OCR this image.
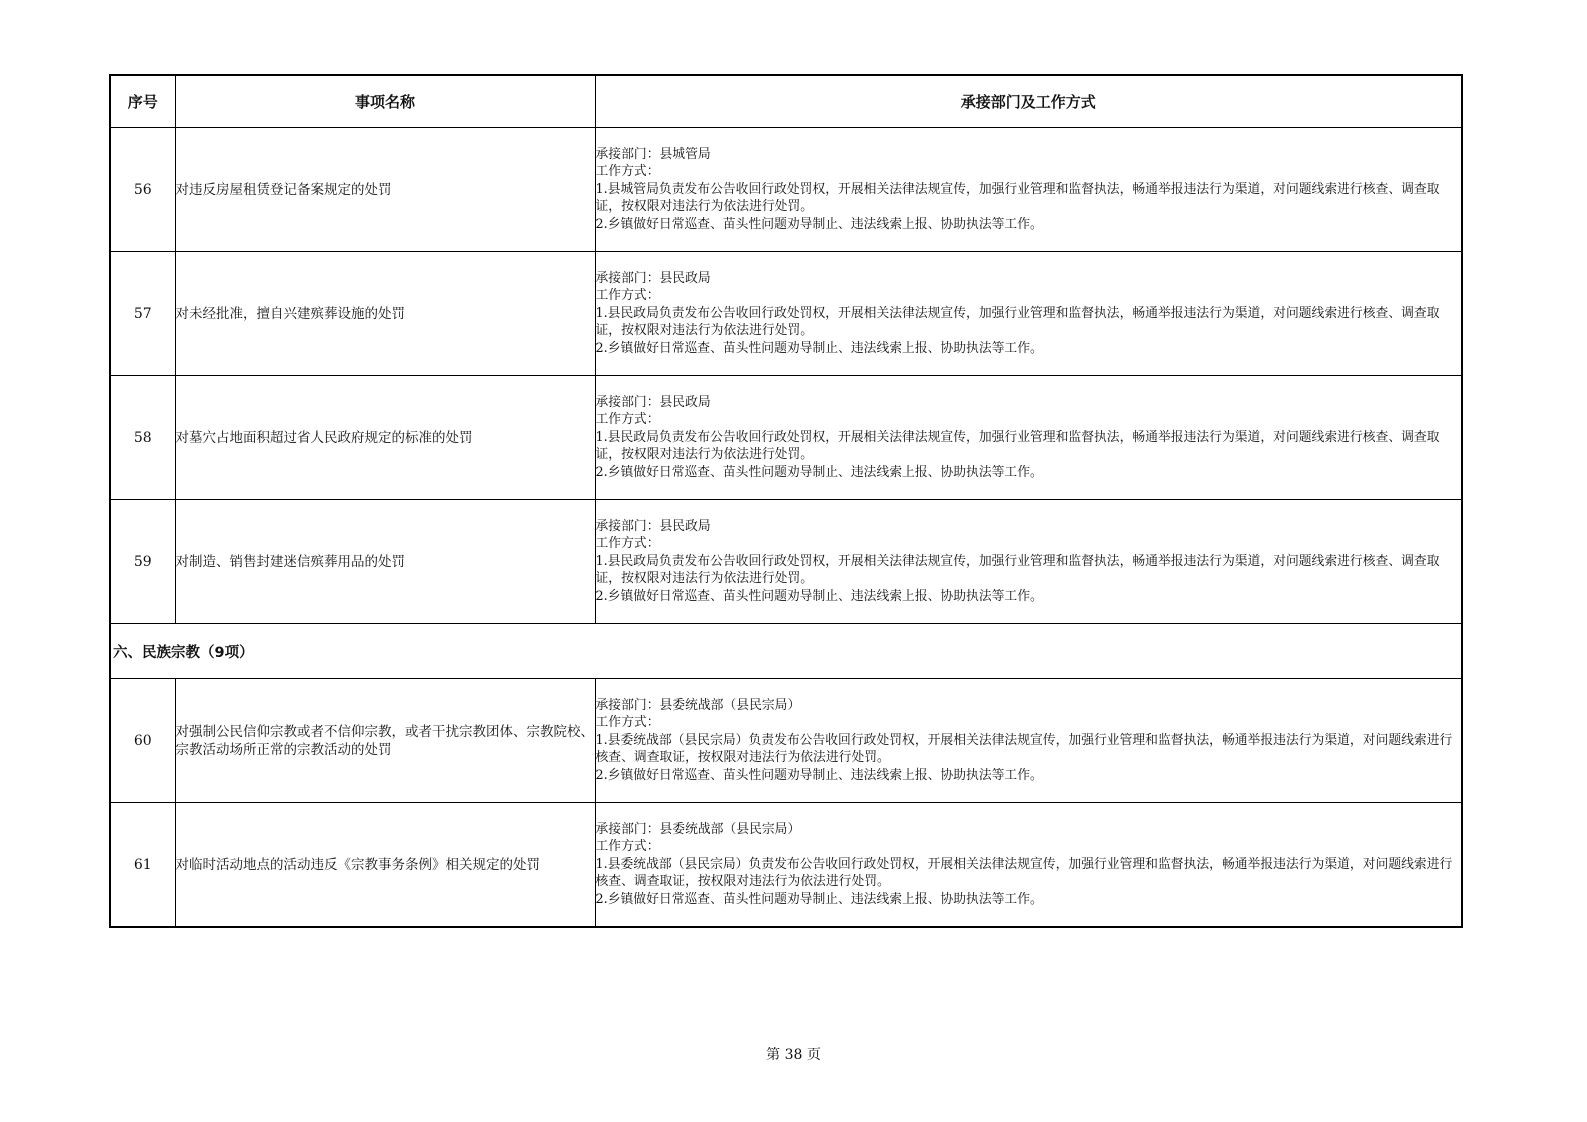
序号	事项名称	承接部门及工作方式
56	对违反房屋租赁登记备案规定的处罚	承接部门：县城管局
工作方式：
1.县城管局负责发布公告收回行政处罚权，开展相关法律法规宣传，加强行业管理和监督执法，畅通举报违法行为渠道，对问题线索进行核查、调查取证，按权限对违法行为依法进行处罚。
2.乡镇做好日常巡查、苗头性问题劝导制止、违法线索上报、协助执法等工作。

57	对未经批准，擅自兴建殡葬设施的处罚	承接部门：县民政局
工作方式：
1.县民政局负责发布公告收回行政处罚权，开展相关法律法规宣传，加强行业管理和监督执法，畅通举报违法行为渠道，对问题线索进行核查、调查取证，按权限对违法行为依法进行处罚。
2.乡镇做好日常巡查、苗头性问题劝导制止、违法线索上报、协助执法等工作。

58	对墓穴占地面积超过省人民政府规定的标准的处罚	承接部门：县民政局
工作方式：
1.县民政局负责发布公告收回行政处罚权，开展相关法律法规宣传，加强行业管理和监督执法，畅通举报违法行为渠道，对问题线索进行核查、调查取证，按权限对违法行为依法进行处罚。
2.乡镇做好日常巡查、苗头性问题劝导制止、违法线索上报、协助执法等工作。

59	对制造、销售封建迷信殡葬用品的处罚	承接部门：县民政局
工作方式：
1.县民政局负责发布公告收回行政处罚权，开展相关法律法规宣传，加强行业管理和监督执法，畅通举报违法行为渠道，对问题线索进行核查、调查取证，按权限对违法行为依法进行处罚。
2.乡镇做好日常巡查、苗头性问题劝导制止、违法线索上报、协助执法等工作。

六、民族宗教（9项）		
60	对强制公民信仰宗教或者不信仰宗教，或者干扰宗教团体、宗教院校、宗教活动场所正常的宗教活动的处罚	承接部门：县委统战部（县民宗局）
工作方式：
1.县委统战部（县民宗局）负责发布公告收回行政处罚权，开展相关法律法规宣传，加强行业管理和监督执法，畅通举报违法行为渠道，对问题线索进行核查、调查取证，按权限对违法行为依法进行处罚。
2.乡镇做好日常巡查、苗头性问题劝导制止、违法线索上报、协助执法等工作。

61	对临时活动地点的活动违反《宗教事务条例》相关规定的处罚	承接部门：县委统战部（县民宗局）
工作方式：
1.县委统战部（县民宗局）负责发布公告收回行政处罚权，开展相关法律法规宣传，加强行业管理和监督执法，畅通举报违法行为渠道，对问题线索进行核查、调查取证，按权限对违法行为依法进行处罚。
2.乡镇做好日常巡查、苗头性问题劝导制止、违法线索上报、协助执法等工作。
第 38 页
